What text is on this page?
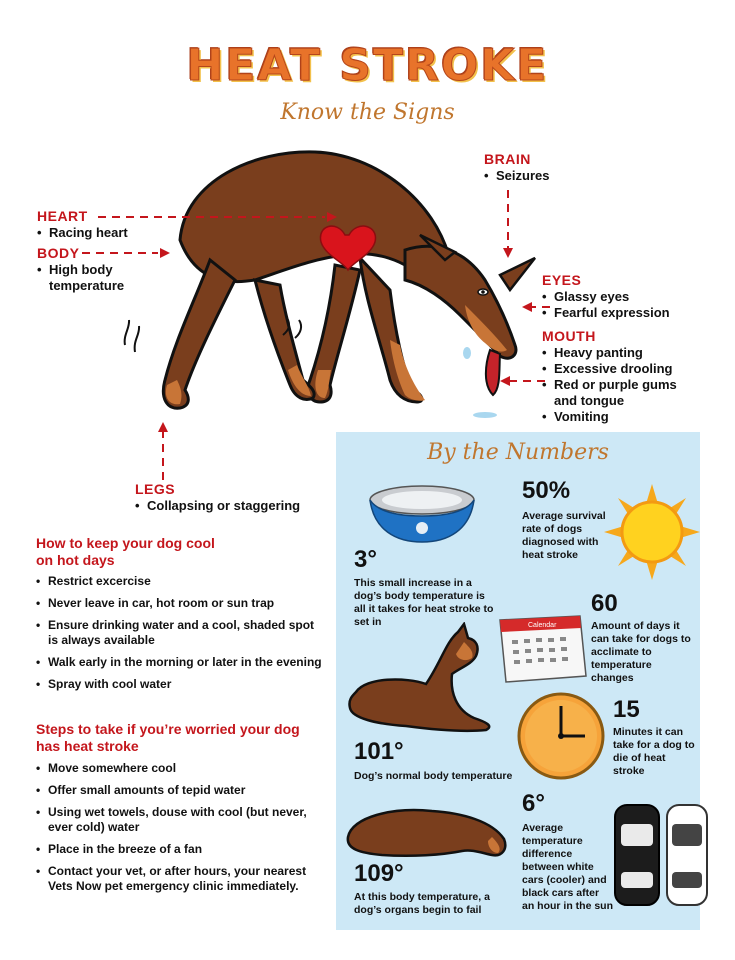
HEAT STROKE
Know the Signs
BRAIN
• Seizures
HEART
• Racing heart
BODY
• High body temperature	EYES
• Glassy eyes
• Fearful expression
MOUTH
• Heavy panting
• Excessive drooling
• Red or purple gums and tongue
• Vomiting
LEGS
• Collapsing or staggering
How to keep your dog cool on hot days
• Restrict excercise
• Never leave in car, hot room or sun trap
• Ensure drinking water and a cool, shaded spot is always available
• Walk early in the morning or later in the evening
• Spray with cool water
Steps to take if you’re worried your dog has heat stroke
• Move somewhere cool
• Offer small amounts of tepid water
• Using wet towels, douse with cool (but never, ever cold) water
• Place in the breeze of a fan
• Contact your vet, or after hours, your nearest Vets Now pet emergency clinic immediately.
By the Numbers
Calendar
50%
Average survival rate of dogs diagnosed with heat stroke
3°
This small increase in a dog’s body temperature is all it takes for heat stroke to set in
60
Amount of days it can take for dogs to acclimate to temperature changes
15
Minutes it can take for a dog to die of heat stroke
101°
Dog’s normal body temperature
6°
Average temperature difference between white cars (cooler) and black cars after an hour in the sun
109°
At this body temperature, a dog’s organs begin to fail
